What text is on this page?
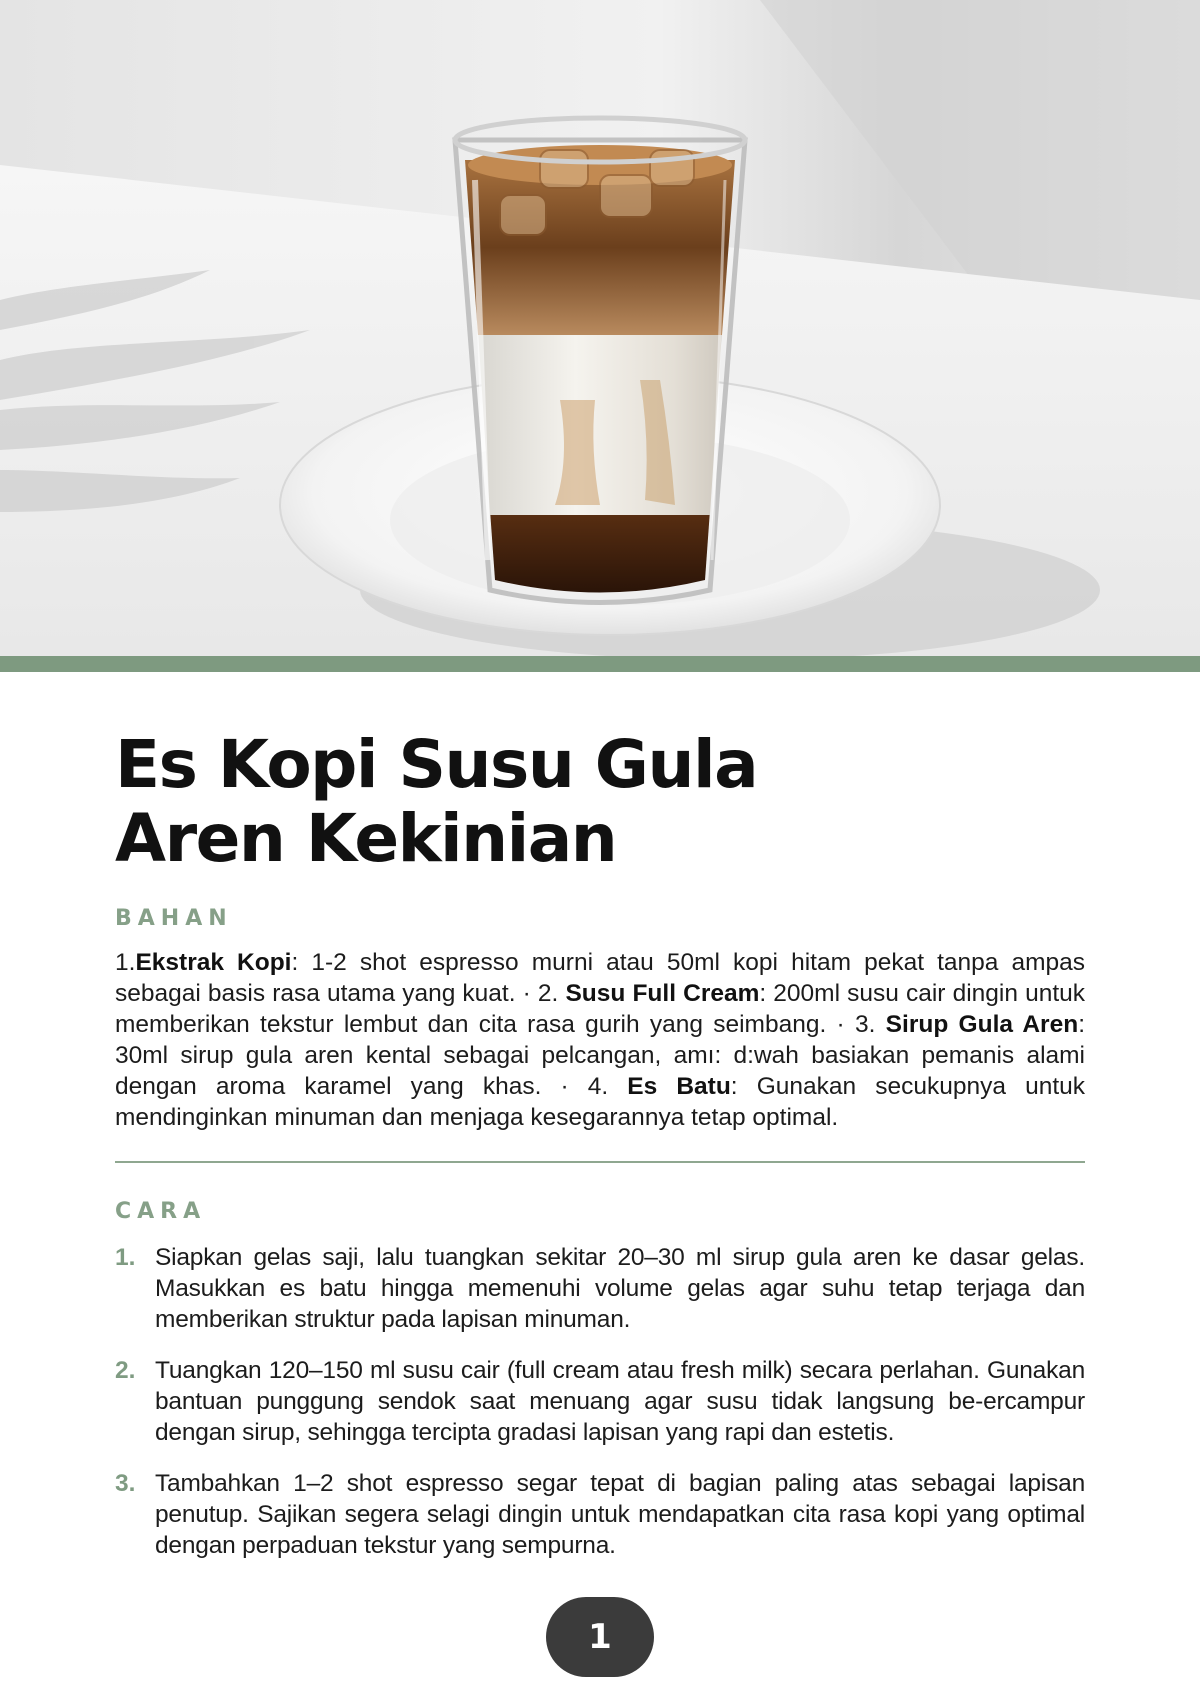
Es Kopi Susu Gula Aren Kekinian
BAHAN
1.Ekstrak Kopi: 1-2 shot espresso murni atau 50ml kopi hitam pekat tanpa ampas sebagai basis rasa utama yang kuat. · 2. Susu Full Cream: 200ml susu cair dingin untuk memberikan tekstur lembut dan cita rasa gurih yang seimbang. · 3. Sirup Gula Aren: 30ml sirup gula aren kental sebagai pelcangan, amı: d:wah basiakan pemanis alami dengan aroma karamel yang khas. · 4. Es Batu: Gunakan secukupnya untuk mendinginkan minuman dan menjaga kesegarannya tetap optimal.
CARA
1. Siapkan gelas saji, lalu tuangkan sekitar 20–30 ml sirup gula aren ke dasar gelas. Masukkan es batu hingga memenuhi volume gelas agar suhu tetap terjaga dan memberikan struktur pada lapisan minuman.
2. Tuangkan 120–150 ml susu cair (full cream atau fresh milk) secara perlahan. Gunakan bantuan punggung sendok saat menuang agar susu tidak langsung be-ercampur dengan sirup, sehingga tercipta gradasi lapisan yang rapi dan estetis.
3. Tambahkan 1–2 shot espresso segar tepat di bagian paling atas sebagai lapisan penutup. Sajikan segera selagi dingin untuk mendapatkan cita rasa kopi yang optimal dengan perpaduan tekstur yang sempurna.
1
